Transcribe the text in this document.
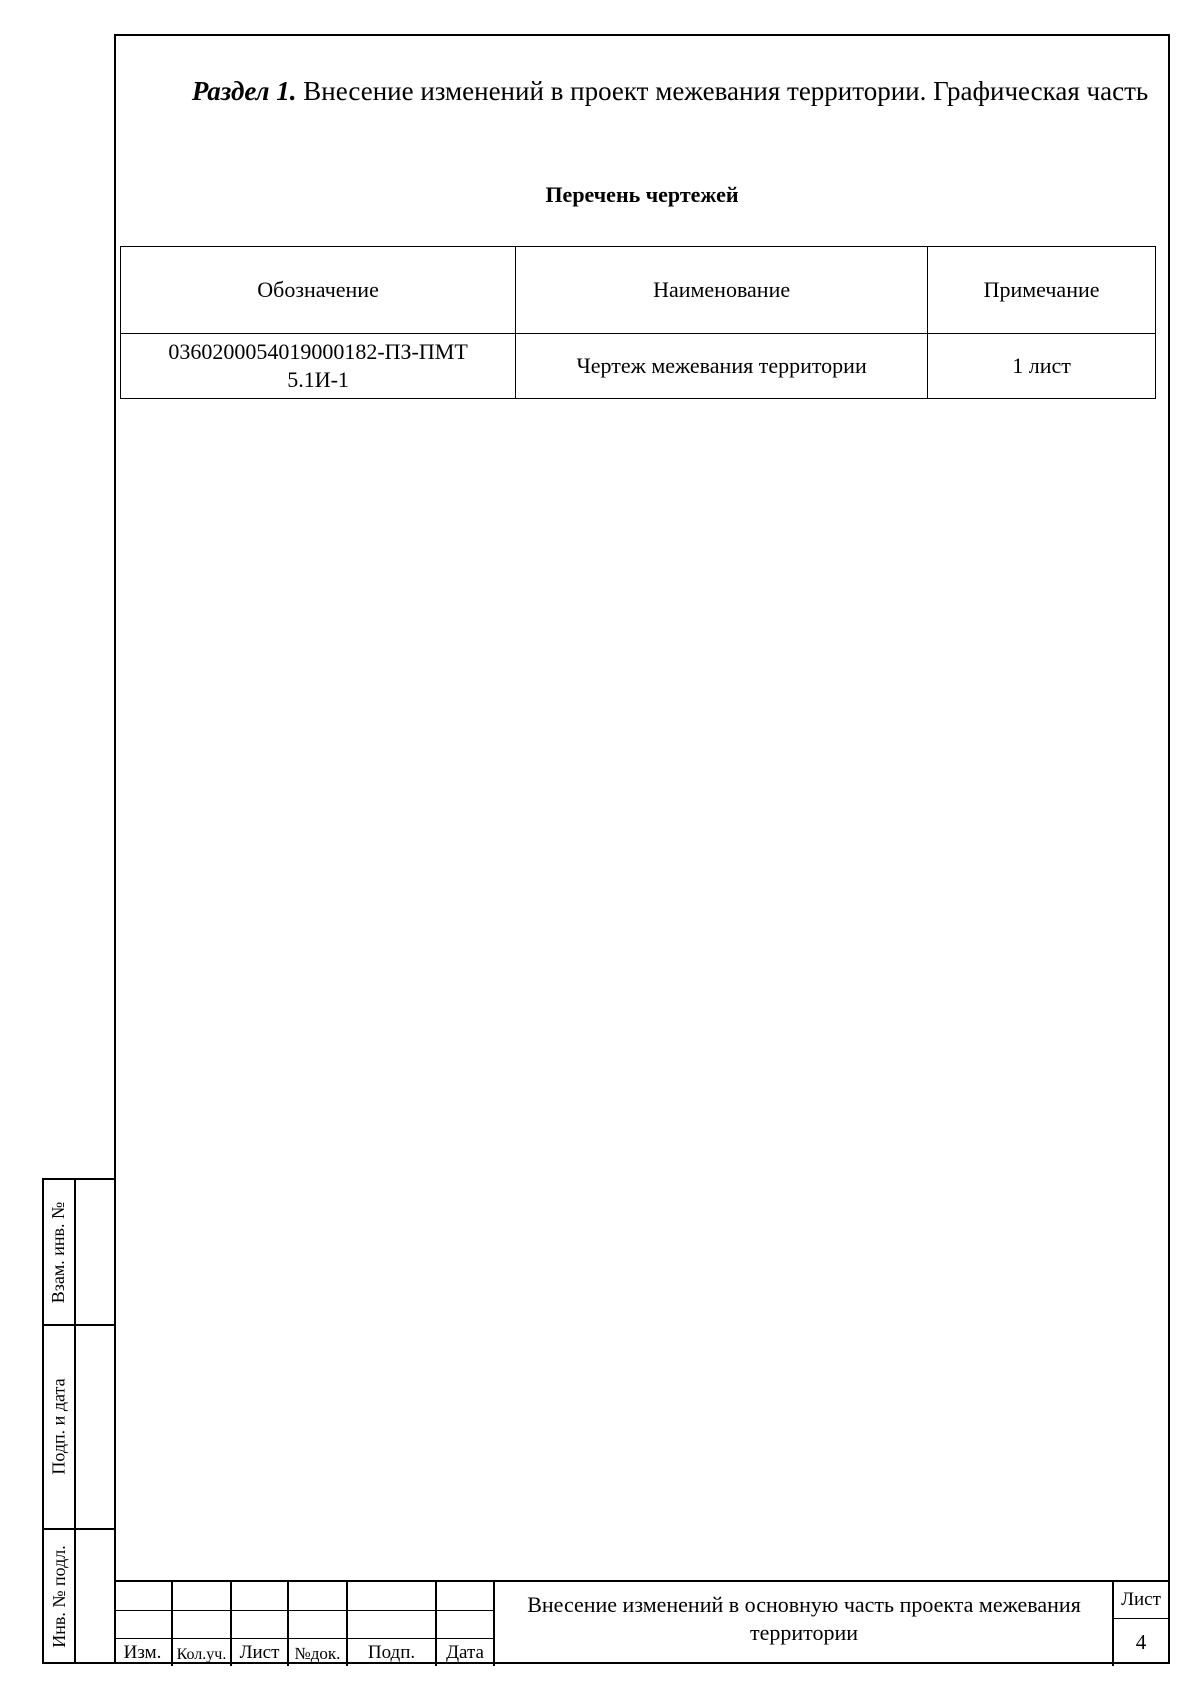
Раздел 1. Внесение изменений в проект межевания территории. Графическая часть
Перечень чертежей
Обозначение	Наименование	Примечание
036020005401900018​2-ПЗ-ПМТ5.1И-1	Чертеж межевания территории	1 лист
Взам. инв. №
Подп. и дата
Инв. № подл.
Изм. Кол.уч. Лист №док.	Подп.	Дата
Внесение изменений в основную часть проекта межевания территории
Лист
4
